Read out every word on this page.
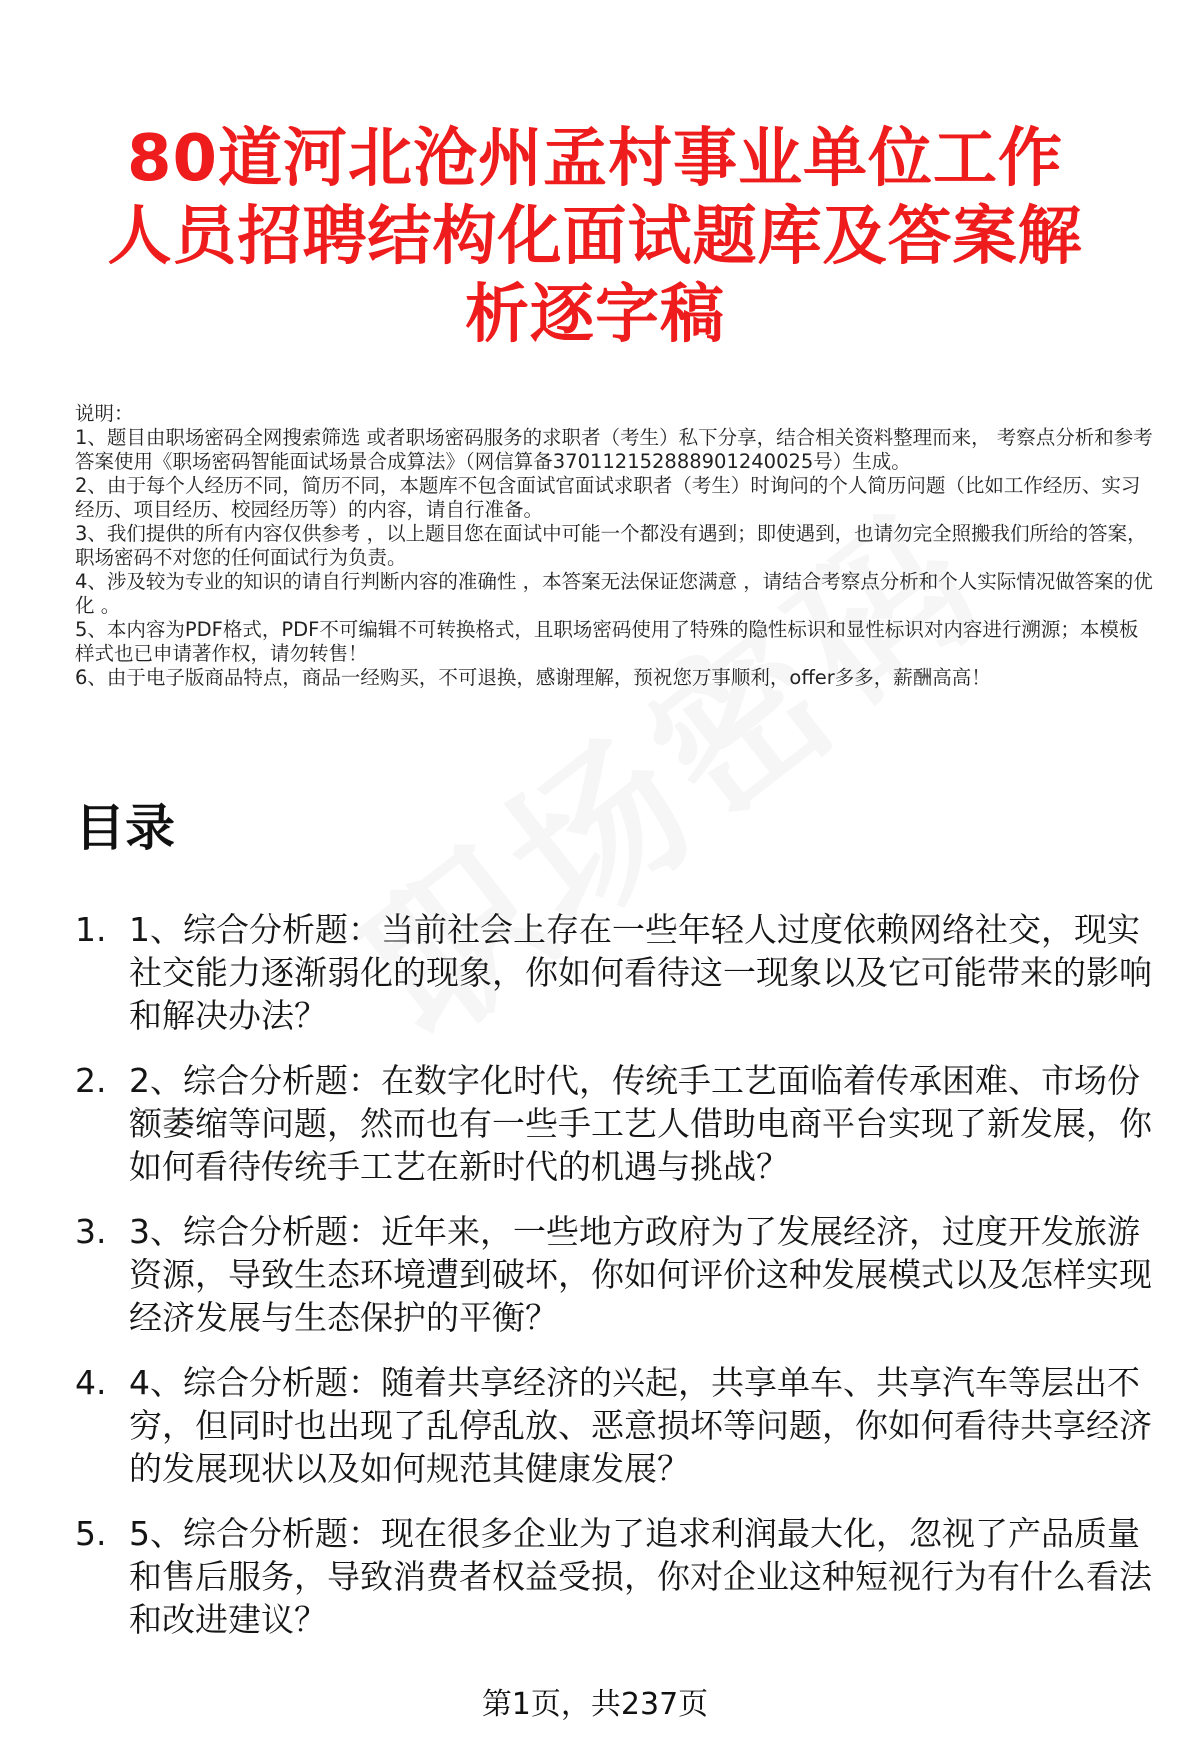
80道河北沧州孟村事业单位工作人员招聘结构化面试题库及答案解析逐字稿

说明：

1、题目由职场密码全网搜索筛选 或者职场密码服务的求职者（考生）私下分享，结合相关资料整理而来， 考察点分析和参考答案使用《职场密码智能面试场景合成算法》（网信算备370112152888901240025号）生成。

2、由于每个人经历不同，简历不同，本题库不包含面试官面试求职者（考生）时询问的个人简历问题（比如工作经历、实习经历、项目经历、校园经历等）的内容，请自行准备。

3、我们提供的所有内容仅供参考 ，以上题目您在面试中可能一个都没有遇到；即使遇到，也请勿完全照搬我们所给的答案，职场密码不对您的任何面试行为负责。

4、涉及较为专业的知识的请自行判断内容的准确性 ，本答案无法保证您满意 ，请结合考察点分析和个人实际情况做答案的优化 。

5、本内容为PDF格式，PDF不可编辑不可转换格式，且职场密码使用了特殊的隐性标识和显性标识对内容进行溯源；本模板样式也已申请著作权，请勿转售！

6、由于电子版商品特点，商品一经购买，不可退换，感谢理解，预祝您万事顺利，offer多多，薪酬高高！

目录
1. 1、综合分析题：当前社会上存在一些年轻人过度依赖网络社交，现实社交能力逐渐弱化的现象，你如何看待这一现象以及它可能带来的影响和解决办法？
2. 2、综合分析题：在数字化时代，传统手工艺面临着传承困难、市场份额萎缩等问题，然而也有一些手工艺人借助电商平台实现了新发展，你如何看待传统手工艺在新时代的机遇与挑战？
3. 3、综合分析题：近年来，一些地方政府为了发展经济，过度开发旅游资源，导致生态环境遭到破坏，你如何评价这种发展模式以及怎样实现经济发展与生态保护的平衡？
4. 4、综合分析题：随着共享经济的兴起，共享单车、共享汽车等层出不穷，但同时也出现了乱停乱放、恶意损坏等问题，你如何看待共享经济的发展现状以及如何规范其健康发展？
5. 5、综合分析题：现在很多企业为了追求利润最大化，忽视了产品质量和售后服务，导致消费者权益受损，你对企业这种短视行为有什么看法和改进建议？
第1页，共237页
